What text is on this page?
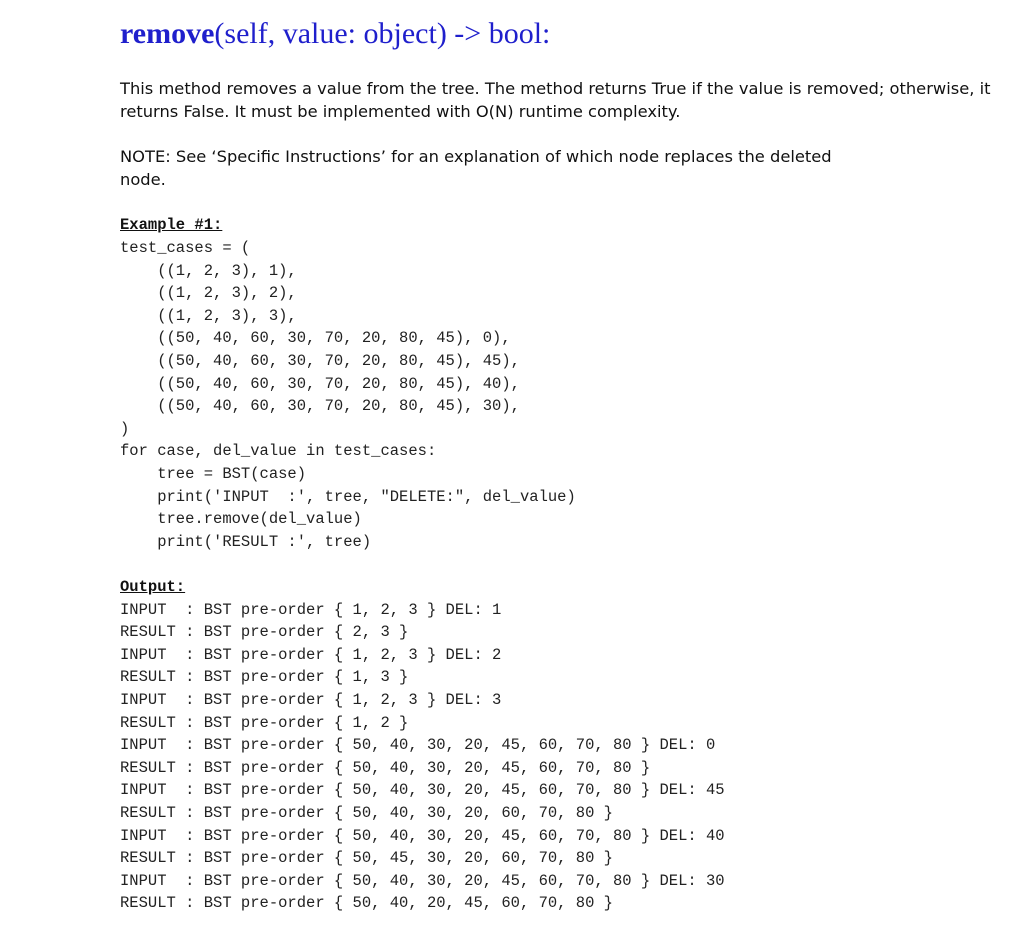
remove(self, value: object) -> bool:

This method removes a value from the tree. The method returns True if the value is removed; otherwise, it returns False. It must be implemented with O(N) runtime complexity.

NOTE: See ‘Specific Instructions’ for an explanation of which node replaces the deleted node.

Example #1:

test_cases = (

((1, 2, 3), 1),

((1, 2, 3), 2),

((1, 2, 3), 3),

((50, 40, 60, 30, 70, 20, 80, 45), 0),

((50, 40, 60, 30, 70, 20, 80, 45), 45),

((50, 40, 60, 30, 70, 20, 80, 45), 40),

((50, 40, 60, 30, 70, 20, 80, 45), 30),

)

for case, del_value in test_cases:

tree = BST(case)

print('INPUT  :', tree, "DELETE:", del_value)

tree.remove(del_value)

print('RESULT :', tree)

Output:

INPUT  : BST pre-order { 1, 2, 3 } DEL: 1

RESULT : BST pre-order { 2, 3 }

INPUT  : BST pre-order { 1, 2, 3 } DEL: 2

RESULT : BST pre-order { 1, 3 }

INPUT  : BST pre-order { 1, 2, 3 } DEL: 3

RESULT : BST pre-order { 1, 2 }

INPUT  : BST pre-order { 50, 40, 30, 20, 45, 60, 70, 80 } DEL: 0

RESULT : BST pre-order { 50, 40, 30, 20, 45, 60, 70, 80 }

INPUT  : BST pre-order { 50, 40, 30, 20, 45, 60, 70, 80 } DEL: 45

RESULT : BST pre-order { 50, 40, 30, 20, 60, 70, 80 }

INPUT  : BST pre-order { 50, 40, 30, 20, 45, 60, 70, 80 } DEL: 40

RESULT : BST pre-order { 50, 45, 30, 20, 60, 70, 80 }

INPUT  : BST pre-order { 50, 40, 30, 20, 45, 60, 70, 80 } DEL: 30

RESULT : BST pre-order { 50, 40, 20, 45, 60, 70, 80 }
